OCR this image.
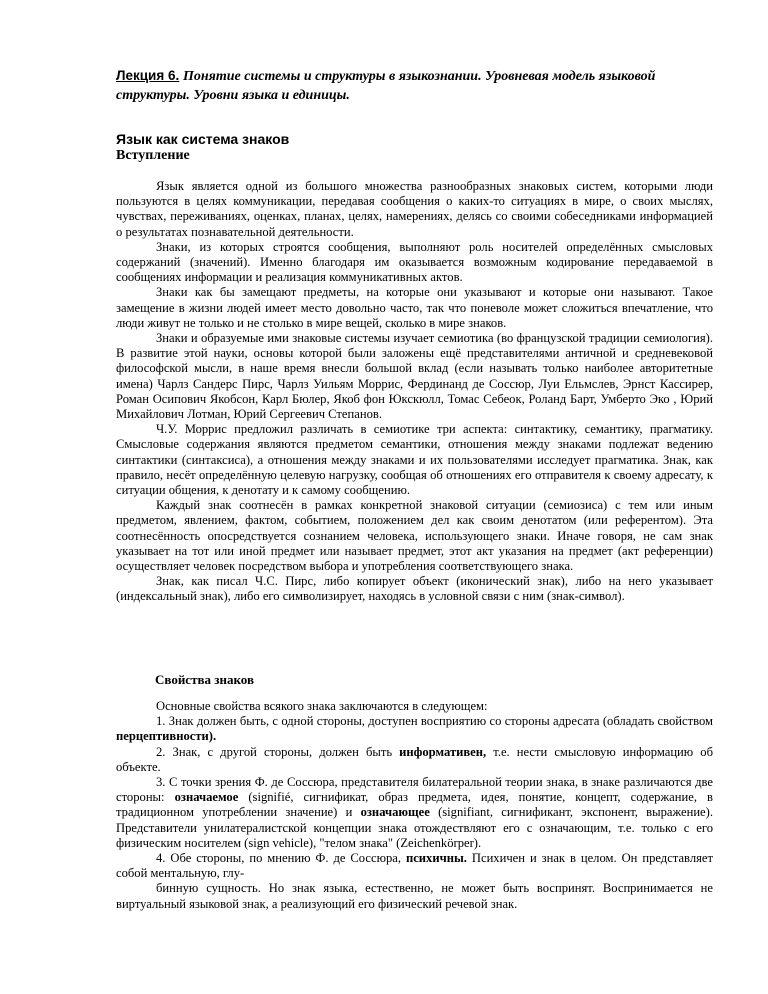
Лекция 6. Понятие системы и структуры в языкознании. Уровневая модель языковой структуры. Уровни языка и единицы.
Язык как система знаков
Вступление

Язык является одной из большого множества разнообразных знаковых систем, которыми люди пользуются в целях коммуникации, передавая сообщения о каких-то ситуациях в мире, о своих мыслях, чувствах, переживаниях, оценках, планах, целях, намерениях, делясь со своими собеседниками информацией о результатах познавательной деятельности.

Знаки, из которых строятся сообщения, выполняют роль носителей определённых смысловых содержаний (значений). Именно благодаря им оказывается возможным кодирование передаваемой в сообщениях информации и реализация коммуникативных актов.

Знаки как бы замещают предметы, на которые они указывают и которые они называют. Такое замещение в жизни людей имеет место довольно часто, так что поневоле может сложиться впечатление, что люди живут не только и не столько в мире вещей, сколько в мире знаков.

Знаки и образуемые ими знаковые системы изучает семиотика (во французской традиции семиология). В развитие этой науки, основы которой были заложены ещё представителями античной и средневековой философской мысли, в наше время внесли большой вклад (если называть только наиболее авторитетные имена) Чарлз Сандерс Пирс, Чарлз Уильям Моррис, Фердинанд де Соссюр, Луи Ельмслев, Эрнст Кассирер, Роман Осипович Якобсон, Карл Бюлер, Якоб фон Юкскюлл, Томас Себеок, Роланд Барт, Умберто Эко , Юрий Михайлович Лотман, Юрий Сергеевич Степанов.

Ч.У. Моррис предложил различать в семиотике три аспекта: синтактику, семантику, прагматику. Смысловые содержания являются предметом семантики, отношения между знаками подлежат ведению синтактики (синтаксиса), а отношения между знаками и их пользователями исследует прагматика. Знак, как правило, несёт определённую целевую нагрузку, сообщая об отношениях его отправителя к своему адресату, к ситуации общения, к денотату и к самому сообщению.

Каждый знак соотнесён в рамках конкретной знаковой ситуации (семиозиса) с тем или иным предметом, явлением, фактом, событием, положением дел как своим денотатом (или референтом). Эта соотнесённость опосредствуется сознанием человека, использующего знаки. Иначе говоря, не сам знак указывает на тот или иной предмет или называет предмет, этот акт указания на предмет (акт референции) осуществляет человек посредством выбора и употребления соответствующего знака.

Знак, как писал Ч.С. Пирс, либо копирует объект (иконический знак), либо на него указывает (индексальный знак), либо его символизирует, находясь в условной связи с ним (знак-символ).

Свойства знаков

Основные свойства всякого знака заключаются в следующем:

1. Знак должен быть, с одной стороны, доступен восприятию со стороны адресата (обладать свойством перцептивности).

2. Знак, с другой стороны, должен быть информативен, т.е. нести смысловую информацию об объекте.

3. С точки зрения Ф. де Соссюра, представителя билатеральной теории знака, в знаке различаются две стороны: означаемое (signifié, сигнификат, образ предмета, идея, понятие, концепт, содержание, в традиционном употреблении значение) и означающее (signifiant, сигнификант, экспонент, выражение). Представители унилатералистской концепции знака отождествляют его с означающим, т.е. только с его физическим носителем (sign vehicle), "телом знака" (Zeichenkörper).

4. Обе стороны, по мнению Ф. де Соссюра, психичны. Психичен и знак в целом. Он представляет собой ментальную, глу-

бинную сущность. Но знак языка, естественно, не может быть воспринят. Воспринимается не виртуальный языковой знак, а реализующий его физический речевой знак.
